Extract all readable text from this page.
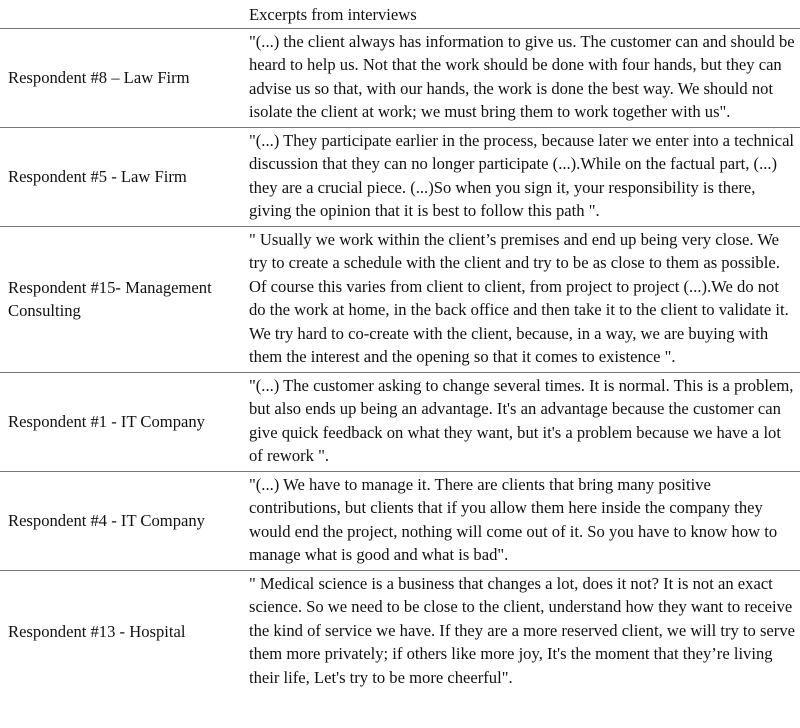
	Excerpts from interviews
Respondent #8 – Law Firm	"(...) the client always has information to give us. The customer can and should be heard to help us. Not that the work should be done with four hands, but they can advise us so that, with our hands, the work is done the best way. We should not isolate the client at work; we must bring them to work together with us".
Respondent #5 - Law Firm	"(...) They participate earlier in the process, because later we enter into a technical discussion that they can no longer participate (...).While on the factual part, (...) they are a crucial piece. (...)So when you sign it, your responsibility is there, giving the opinion that it is best to follow this path ".
Respondent #15- Management Consulting	" Usually we work within the client’s premises and end up being very close. We try to create a schedule with the client and try to be as close to them as possible. Of course this varies from client to client, from project to project (...).We do not do the work at home, in the back office and then take it to the client to validate it. We try hard to co-create with the client, because, in a way, we are buying with them the interest and the opening so that it comes to existence ".
Respondent #1 - IT Company	"(...) The customer asking to change several times. It is normal. This is a problem, but also ends up being an advantage. It's an advantage because the customer can give quick feedback on what they want, but it's a problem because we have a lot of rework ".
Respondent #4 - IT Company	"(...) We have to manage it. There are clients that bring many positive contributions, but clients that if you allow them here inside the company they would end the project, nothing will come out of it. So you have to know how to manage what is good and what is bad".
Respondent #13 - Hospital	" Medical science is a business that changes a lot, does it not? It is not an exact science. So we need to be close to the client, understand how they want to receive the kind of service we have. If they are a more reserved client, we will try to serve them more privately; if others like more joy, It's the moment that they’re living their life, Let's try to be more cheerful".
